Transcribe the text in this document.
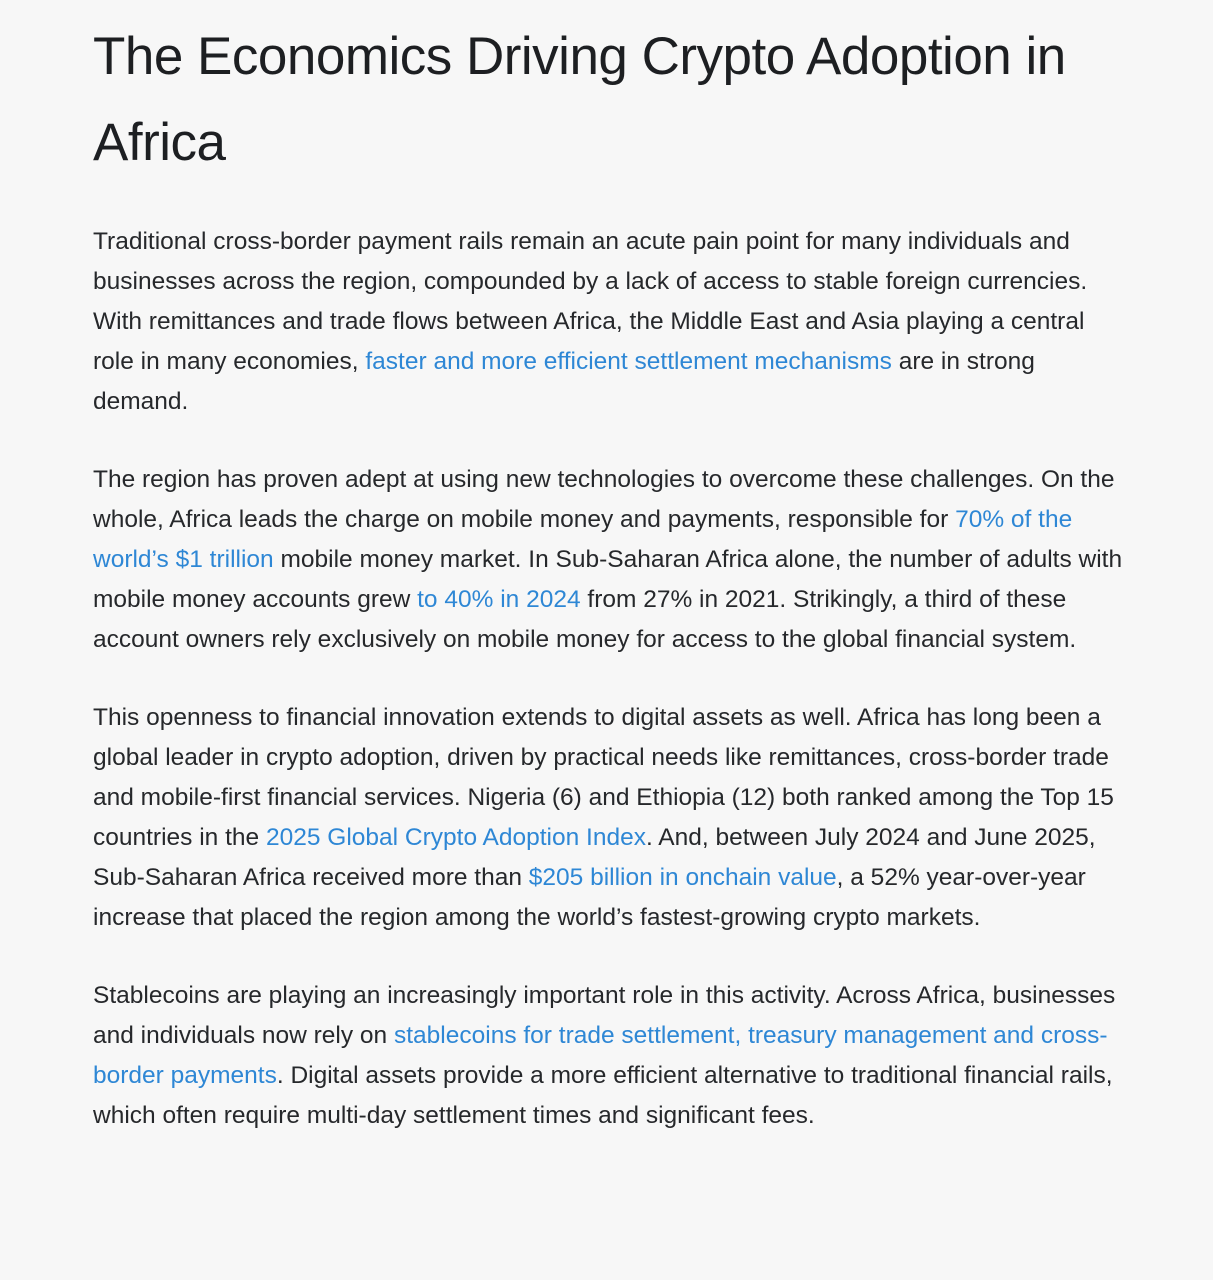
The Economics Driving Crypto Adoption in Africa

Traditional cross-border payment rails remain an acute pain point for many individuals and businesses across the region, compounded by a lack of access to stable foreign currencies. With remittances and trade flows between Africa, the Middle East and Asia playing a central role in many economies, faster and more efficient settlement mechanisms are in strong demand.

The region has proven adept at using new technologies to overcome these challenges. On the whole, Africa leads the charge on mobile money and payments, responsible for 70% of the world’s $1 trillion mobile money market. In Sub-Saharan Africa alone, the number of adults with mobile money accounts grew to 40% in 2024 from 27% in 2021. Strikingly, a third of these account owners rely exclusively on mobile money for access to the global financial system.

This openness to financial innovation extends to digital assets as well. Africa has long been a global leader in crypto adoption, driven by practical needs like remittances, cross-border trade and mobile-first financial services. Nigeria (6) and Ethiopia (12) both ranked among the Top 15 countries in the 2025 Global Crypto Adoption Index. And, between July 2024 and June 2025, Sub-Saharan Africa received more than $205 billion in onchain value, a 52% year-over-year increase that placed the region among the world’s fastest-growing crypto markets.

Stablecoins are playing an increasingly important role in this activity. Across Africa, businesses and individuals now rely on stablecoins for trade settlement, treasury management and cross-border payments. Digital assets provide a more efficient alternative to traditional financial rails, which often require multi-day settlement times and significant fees.
